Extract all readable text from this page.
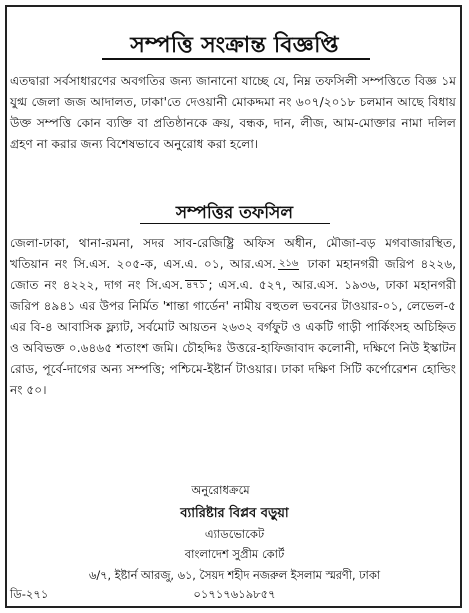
সম্পত্তি সংক্রান্ত বিজ্ঞপ্তি
এতদ্বারা সর্বসাধারণের অবগতির জন্য জানানো যাচ্ছে যে, নিম্ন তফসিলী সম্পত্তিতে বিজ্ঞ ১ম যুগ্ম জেলা জজ আদালত, ঢাকা'তে দেওয়ানী মোকদ্দমা নং ৬০৭/২০১৮ চলমান আছে বিধায় উক্ত সম্পত্তি কোন ব্যক্তি বা প্রতিষ্ঠানকে ক্রয়, বন্ধক, দান, লীজ, আম-মোক্তার নামা দলিল গ্রহণ না করার জন্য বিশেষভাবে অনুরোধ করা হলো।
সম্পত্তির তফসিল
জেলা-ঢাকা, থানা-রমনা, সদর সাব-রেজিষ্ট্রি অফিস অধীন, মৌজা-বড় মগবাজারস্থিত, খতিয়ান নং সি.এস. ২০৫-ক, এস.এ. ০১, আর.এস. ২১৬ ঢাকা মহানগরী জরিপ ৪২২৬, জোত নং ৪২২২, দাগ নং সি.এস. ৪৭১ ; এস.এ. ৫২৭, আর.এস. ১৯৩৬, ঢাকা মহানগরী জরিপ ৪৯৪১ এর উপর নির্মিত 'শান্তা গার্ডেন' নামীয় বহুতল ভবনের টাওয়ার-০১, লেভেল-৫ এর বি-৪ আবাসিক ফ্ল্যাট, সর্বমোট আয়তন ২৬৩২ বর্গফুট ও একটি গাড়ী পার্কিংসহ অচিহ্নিত ও অবিভক্ত ০.৬৪৬৫ শতাংশ জমি। চৌহদ্দিঃ উত্তরে-হাফিজাবাদ কলোনী, দক্ষিণে নিউ ইস্কাটন রোড, পূর্বে-দাগের অন্য সম্পত্তি; পশ্চিমে-ইষ্টার্ন টাওয়ার। ঢাকা দক্ষিণ সিটি কর্পোরেশন হোল্ডিং নং ৫০।
অনুরোধক্রমে
ব্যারিষ্টার বিপ্লব বড়ুয়া
এ্যাডভোকেট
বাংলাদেশ সুপ্রীম কোর্ট
৬/৭, ইষ্টার্ন আরজু, ৬১, সৈয়দ শহীদ নজরুল ইসলাম স্মরণী, ঢাকা
০১৭১৭৬১৯৮৫৭
ডি-২৭১
